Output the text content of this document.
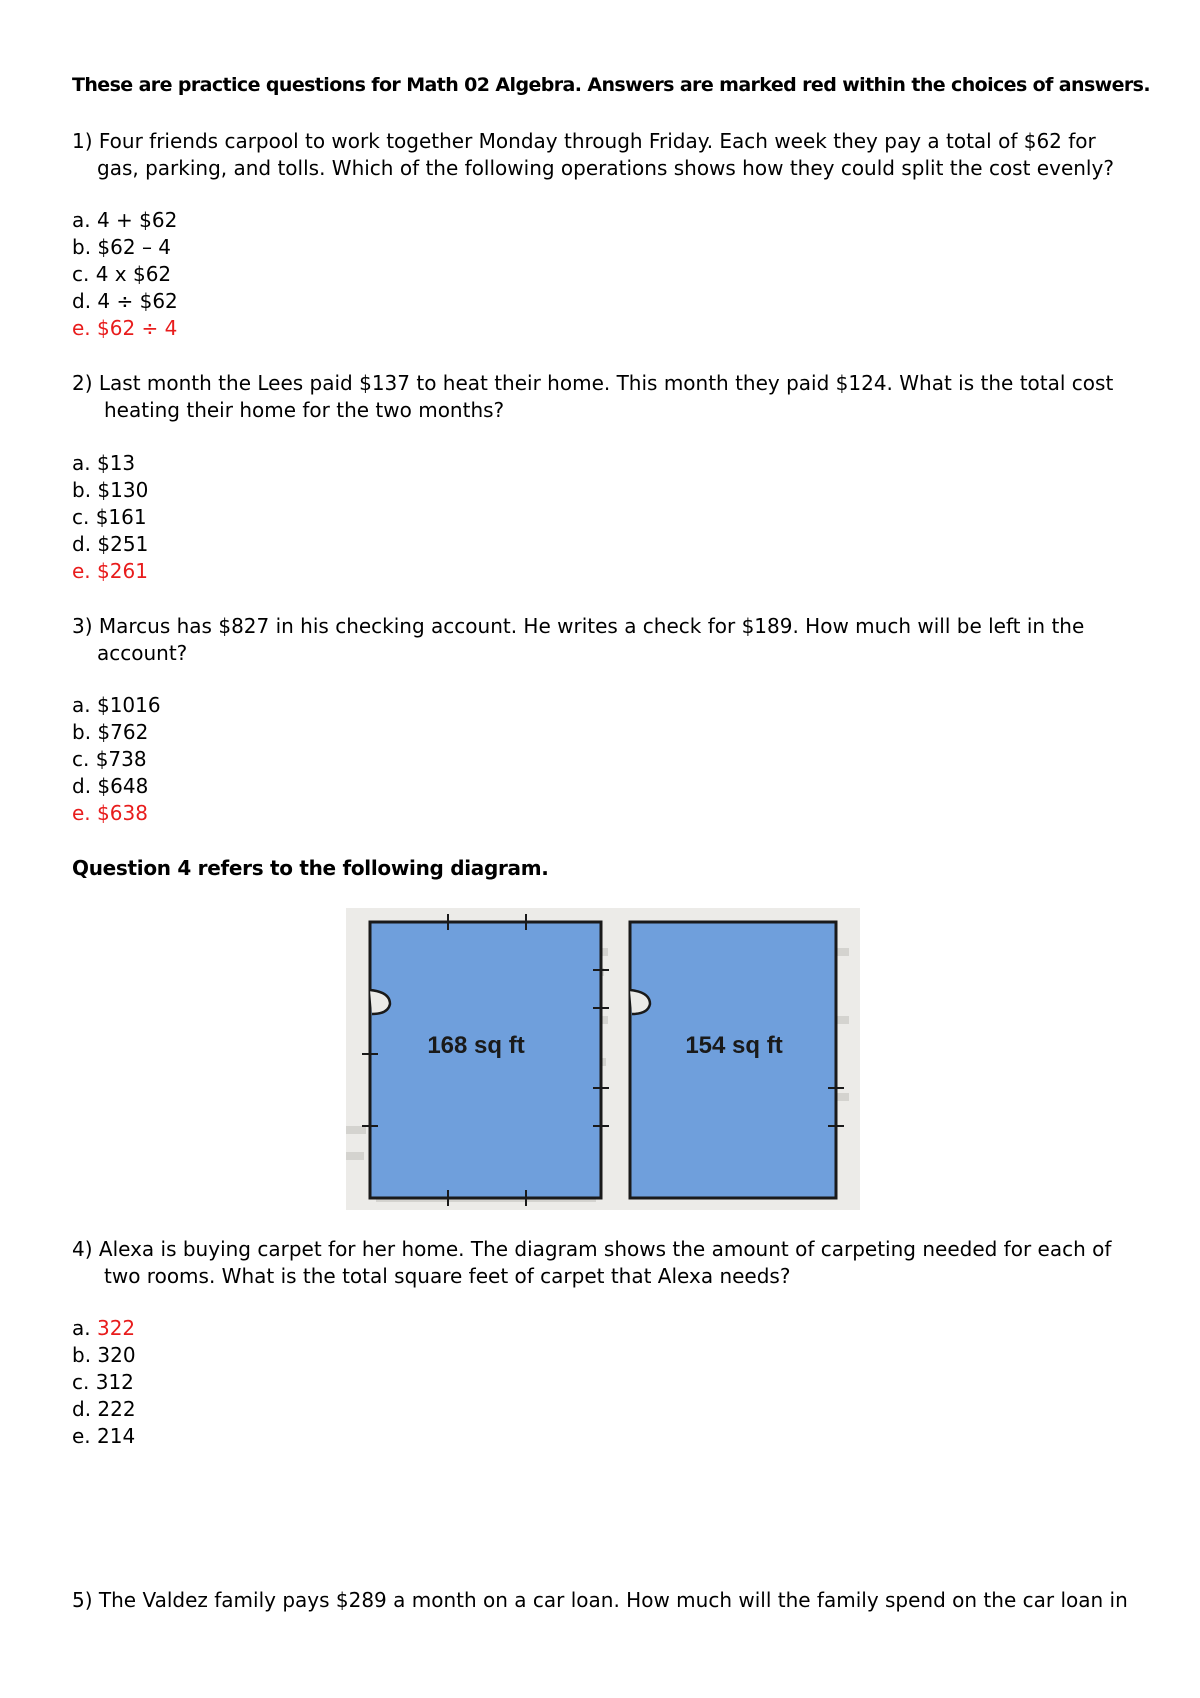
These are practice questions for Math 02 Algebra. Answers are marked red within the choices of answers.
1) Four friends carpool to work together Monday through Friday. Each week they pay a total of $62 for
gas, parking, and tolls. Which of the following operations shows how they could split the cost evenly?
a. 4 + $62
b. $62 – 4
c. 4 x $62
d. 4 ÷ $62
e. $62 ÷ 4
2) Last month the Lees paid $137 to heat their home. This month they paid $124. What is the total cost
heating their home for the two months?
a. $13
b. $130
c. $161
d. $251
e. $261
3) Marcus has $827 in his checking account. He writes a check for $189. How much will be left in the
account?
a. $1016
b. $762
c. $738
d. $648
e. $638
Question 4 refers to the following diagram.
168 sq ft	154 sq ft
4) Alexa is buying carpet for her home. The diagram shows the amount of carpeting needed for each of
two rooms. What is the total square feet of carpet that Alexa needs?
a. 322
b. 320
c. 312
d. 222
e. 214
5) The Valdez family pays $289 a month on a car loan. How much will the family spend on the car loan in
